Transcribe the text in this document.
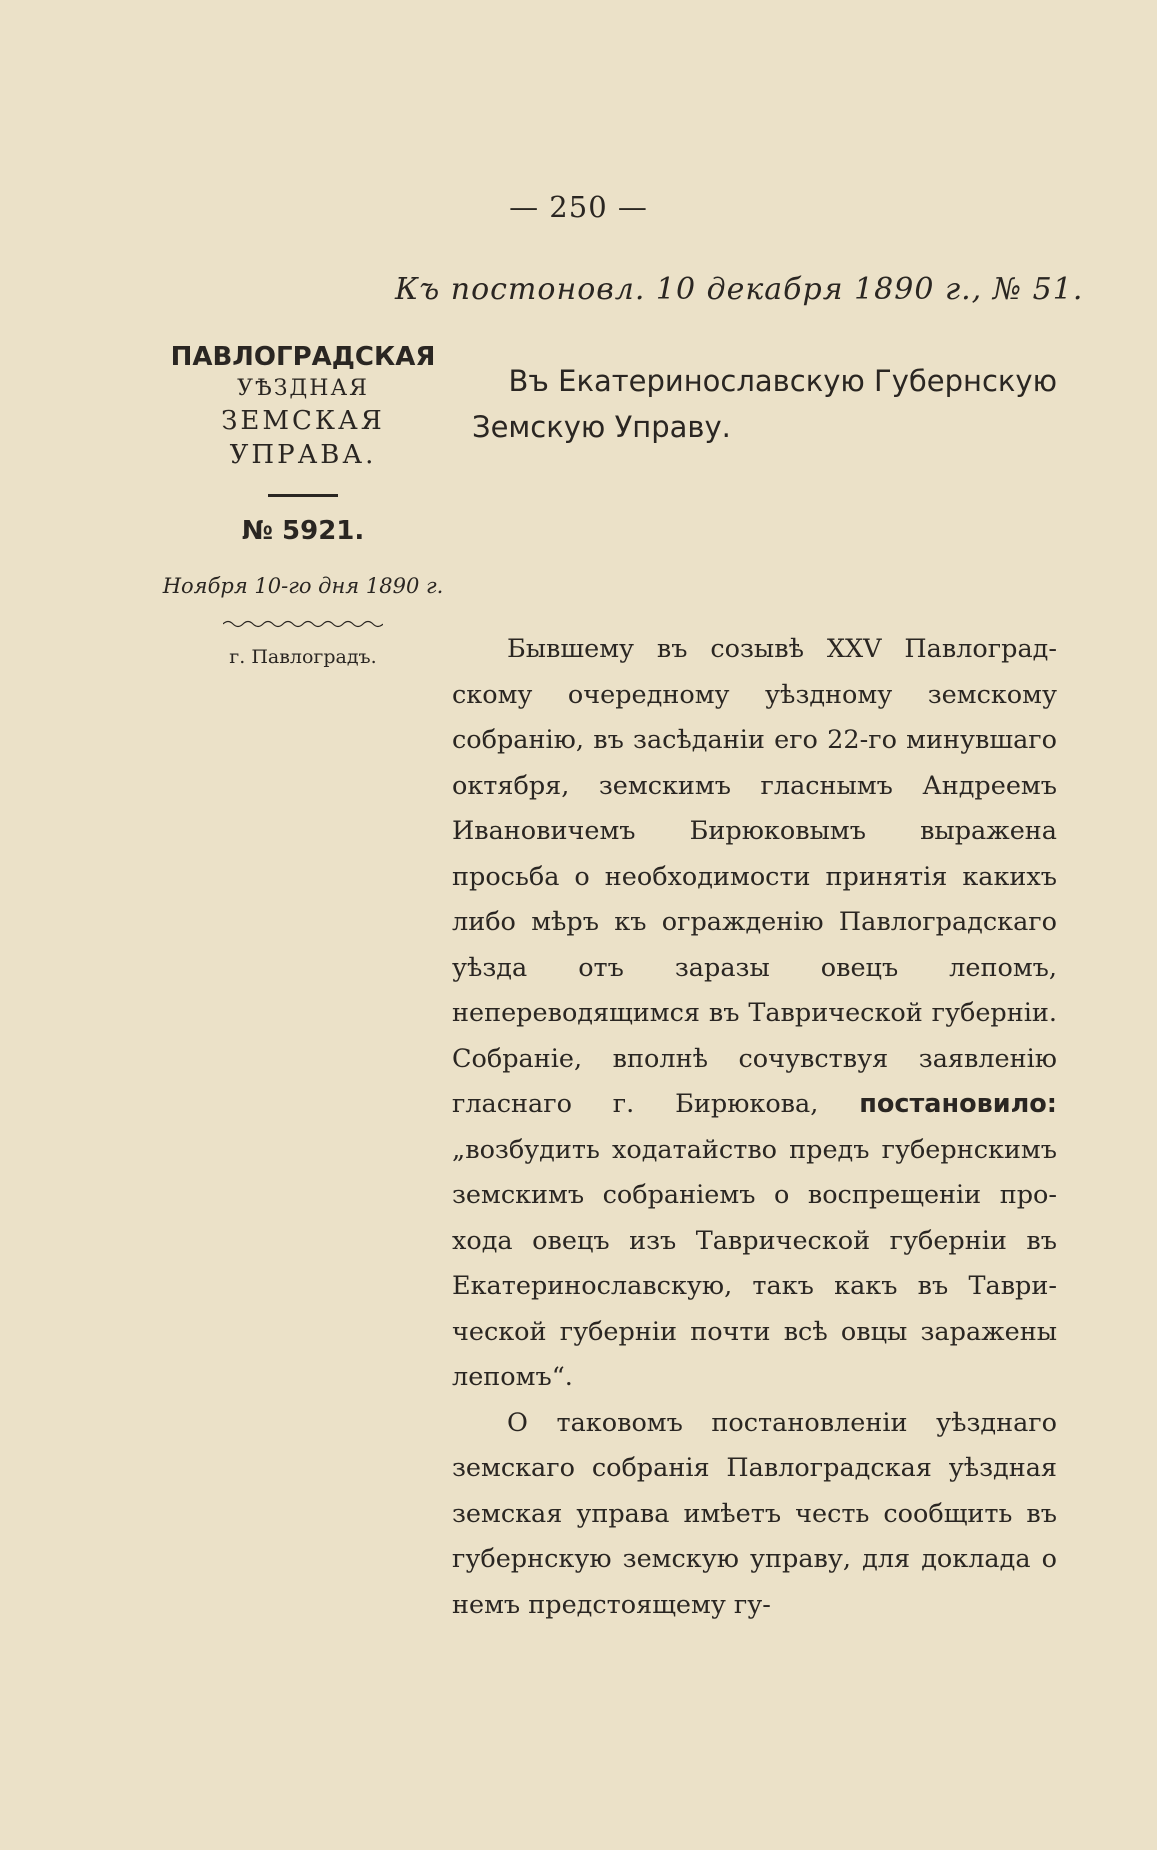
— 250 —
Къ постоновл. 10 декабря 1890 г., № 51.
ПАВЛОГРАДСКАЯ
УѢЗДНАЯ
ЗЕМСКАЯ УПРАВА.
№ 5921.
Ноября 10-го дня 1890 г.
г. Павлоградъ.
Въ Екатеринославскую Губернскую
Земскую Управу.

Бывшему въ созывѣ XXV Павлоградскому очередному уѣздному земскому собранію, въ засѣданіи его 22-го минувшаго октября, земскимъ гласнымъ Андреемъ Ивановичемъ Бирюковымъ выражена просьба о необходимости принятія какихъ либо мѣръ къ огражденію Павлоградскаго уѣзда отъ заразы овецъ лепомъ, непереводящимся въ Таврической губерніи. Собраніе, вполнѣ сочувствуя заявленію гласнаго г. Бирюкова, постановило: „возбудить ходатайство предъ губернскимъ земскимъ собраніемъ о воспрещеніи прохода овецъ изъ Таврической губерніи въ Екатеринославскую, такъ какъ въ Таврической губерніи почти всѣ овцы заражены лепомъ“.

О таковомъ постановленіи уѣзднаго земскаго собранія Павлоградская уѣздная земская управа имѣетъ честь сообщить въ губернскую земскую управу, для доклада о немъ предстоящему гу-
